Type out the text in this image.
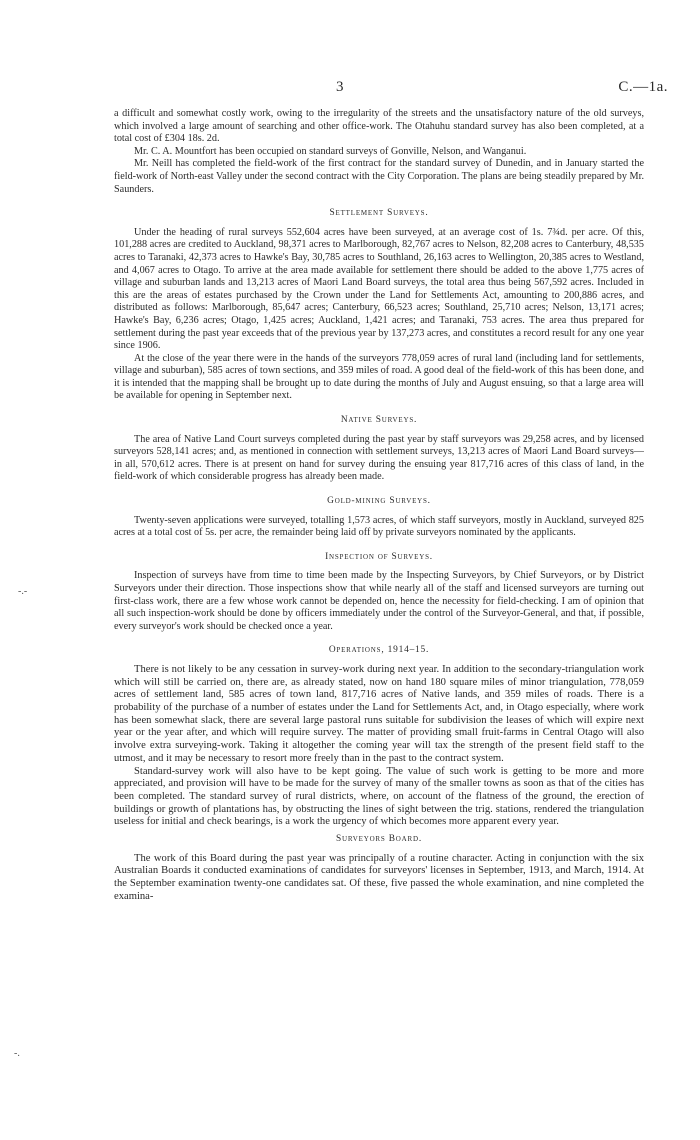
3	C.—1a.
-.-
-.

a difficult and somewhat costly work, owing to the irregularity of the streets and the unsatisfactory nature of the old surveys, which involved a large amount of searching and other office-work. The Otahuhu standard survey has also been completed, at a total cost of £304 18s. 2d.

Mr. C. A. Mountfort has been occupied on standard surveys of Gonville, Nelson, and Wanganui.

Mr. Neill has completed the field-work of the first contract for the standard survey of Dunedin, and in January started the field-work of North-east Valley under the second contract with the City Corporation. The plans are being steadily prepared by Mr. Saunders.

Settlement Surveys.

Under the heading of rural surveys 552,604 acres have been surveyed, at an average cost of 1s. 7¾d. per acre. Of this, 101,288 acres are credited to Auckland, 98,371 acres to Marlborough, 82,767 acres to Nelson, 82,208 acres to Canterbury, 48,535 acres to Taranaki, 42,373 acres to Hawke's Bay, 30,785 acres to Southland, 26,163 acres to Wellington, 20,385 acres to Westland, and 4,067 acres to Otago. To arrive at the area made available for settlement there should be added to the above 1,775 acres of village and suburban lands and 13,213 acres of Maori Land Board surveys, the total area thus being 567,592 acres. Included in this are the areas of estates purchased by the Crown under the Land for Settlements Act, amounting to 200,886 acres, and distributed as follows: Marlborough, 85,647 acres; Canterbury, 66,523 acres; Southland, 25,710 acres; Nelson, 13,171 acres; Hawke's Bay, 6,236 acres; Otago, 1,425 acres; Auckland, 1,421 acres; and Taranaki, 753 acres. The area thus prepared for settlement during the past year exceeds that of the previous year by 137,273 acres, and constitutes a record result for any one year since 1906.

At the close of the year there were in the hands of the surveyors 778,059 acres of rural land (including land for settlements, village and suburban), 585 acres of town sections, and 359 miles of road. A good deal of the field-work of this has been done, and it is intended that the mapping shall be brought up to date during the months of July and August ensuing, so that a large area will be available for opening in September next.

Native Surveys.

The area of Native Land Court surveys completed during the past year by staff surveyors was 29,258 acres, and by licensed surveyors 528,141 acres; and, as mentioned in connection with settlement surveys, 13,213 acres of Maori Land Board surveys—in all, 570,612 acres. There is at present on hand for survey during the ensuing year 817,716 acres of this class of land, in the field-work of which considerable progress has already been made.

Gold-mining Surveys.

Twenty-seven applications were surveyed, totalling 1,573 acres, of which staff surveyors, mostly in Auckland, surveyed 825 acres at a total cost of 5s. per acre, the remainder being laid off by private surveyors nominated by the applicants.

Inspection of Surveys.

Inspection of surveys have from time to time been made by the Inspecting Surveyors, by Chief Surveyors, or by District Surveyors under their direction. Those inspections show that while nearly all of the staff and licensed surveyors are turning out first-class work, there are a few whose work cannot be depended on, hence the necessity for field-checking. I am of opinion that all such inspection-work should be done by officers immediately under the control of the Surveyor-General, and that, if possible, every surveyor's work should be checked once a year.

Operations, 1914–15.

There is not likely to be any cessation in survey-work during next year. In addition to the secondary-triangulation work which will still be carried on, there are, as already stated, now on hand 180 square miles of minor triangulation, 778,059 acres of settlement land, 585 acres of town land, 817,716 acres of Native lands, and 359 miles of roads. There is a probability of the purchase of a number of estates under the Land for Settlements Act, and, in Otago especially, where work has been somewhat slack, there are several large pastoral runs suitable for subdivision the leases of which will expire next year or the year after, and which will require survey. The matter of providing small fruit-farms in Central Otago will also involve extra surveying-work. Taking it altogether the coming year will tax the strength of the present field staff to the utmost, and it may be necessary to resort more freely than in the past to the contract system.

Standard-survey work will also have to be kept going. The value of such work is getting to be more and more appreciated, and provision will have to be made for the survey of many of the smaller towns as soon as that of the cities has been completed. The standard survey of rural districts, where, on account of the flatness of the ground, the erection of buildings or growth of plantations has, by obstructing the lines of sight between the trig. stations, rendered the triangulation useless for initial and check bearings, is a work the urgency of which becomes more apparent every year.

Surveyors Board.

The work of this Board during the past year was principally of a routine character. Acting in conjunction with the six Australian Boards it conducted examinations of candidates for surveyors' licenses in September, 1913, and March, 1914. At the September examination twenty-one candidates sat. Of these, five passed the whole examination, and nine completed the examina-
